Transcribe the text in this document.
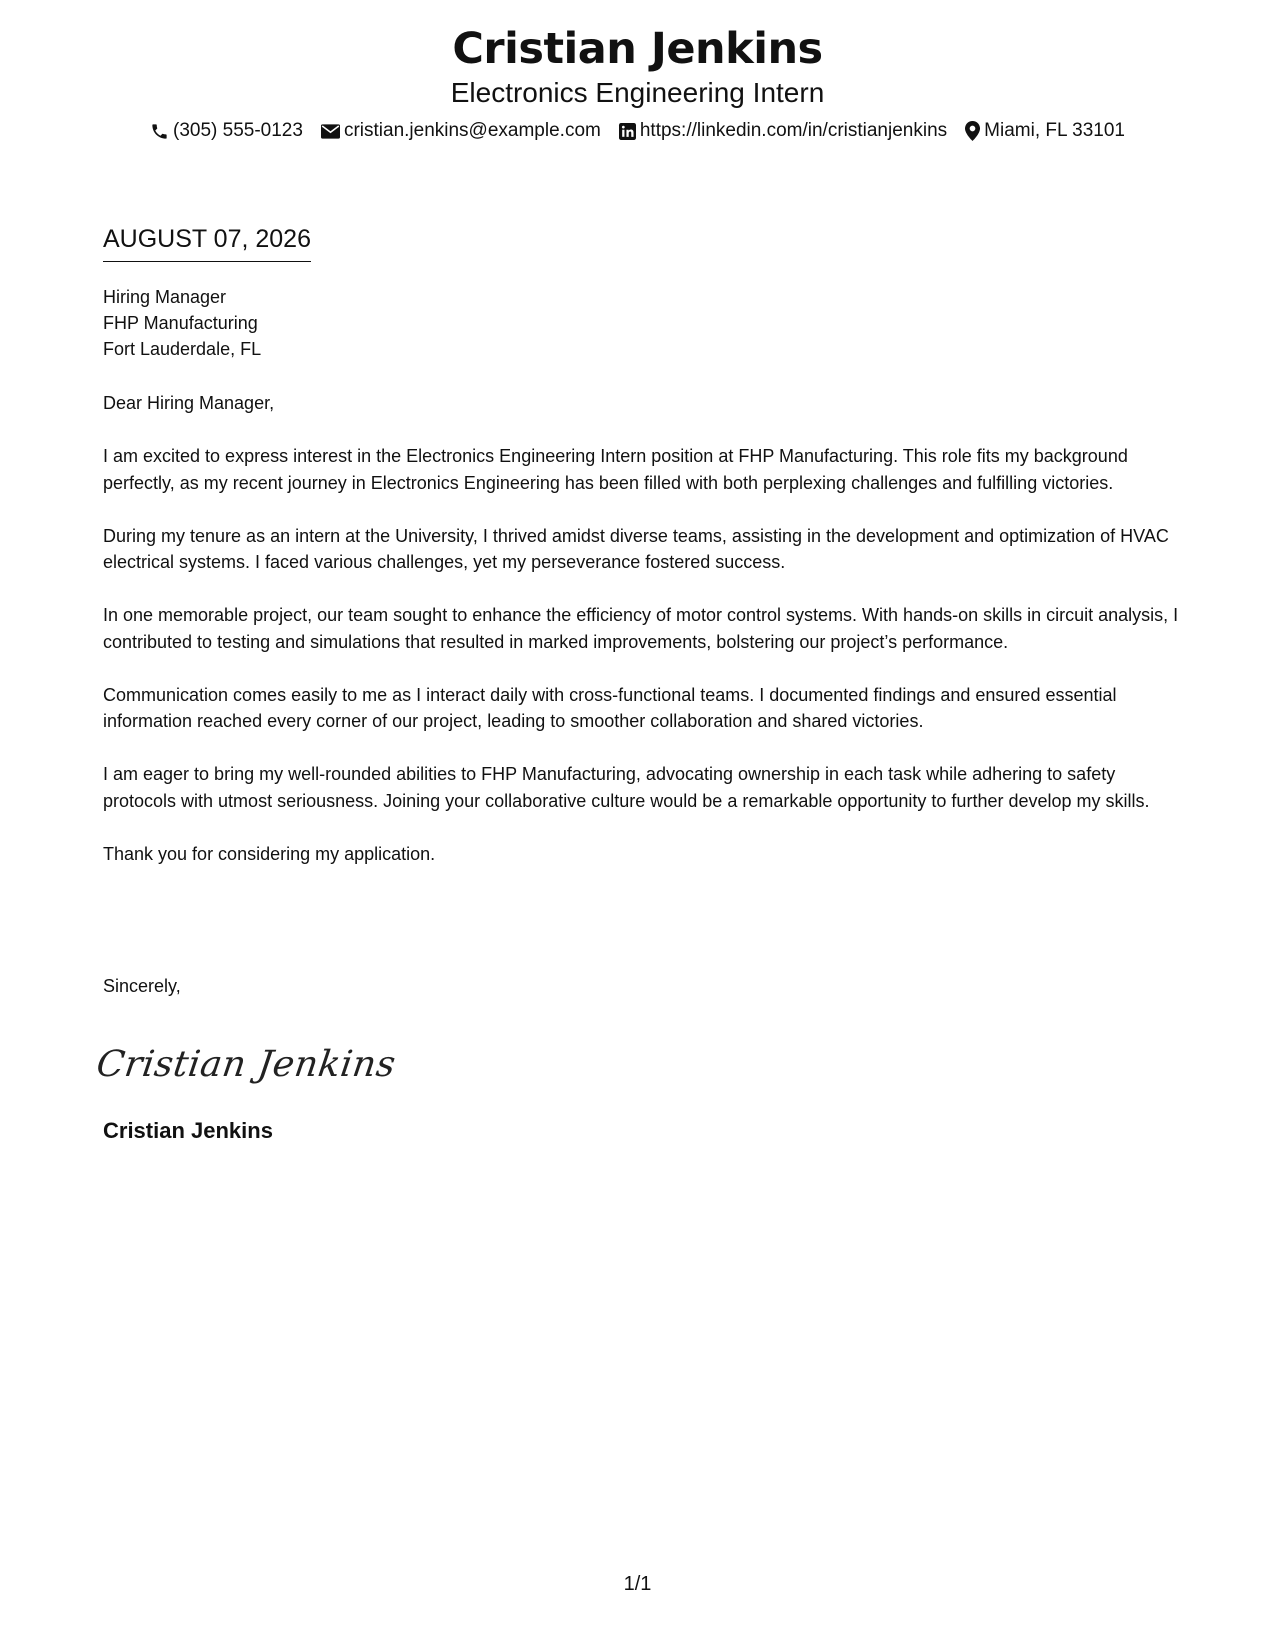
Cristian Jenkins
Electronics Engineering Intern
(305) 555-0123 cristian.jenkins@example.com https://linkedin.com/in/cristianjenkins Miami, FL 33101
AUGUST 07, 2026
Hiring Manager
FHP Manufacturing
Fort Lauderdale, FL

Dear Hiring Manager,

I am excited to express interest in the Electronics Engineering Intern position at FHP Manufacturing. This role fits my background perfectly, as my recent journey in Electronics Engineering has been filled with both perplexing challenges and fulfilling victories.

During my tenure as an intern at the University, I thrived amidst diverse teams, assisting in the development and optimization of HVAC electrical systems. I faced various challenges, yet my perseverance fostered success.

In one memorable project, our team sought to enhance the efficiency of motor control systems. With hands-on skills in circuit analysis, I contributed to testing and simulations that resulted in marked improvements, bolstering our project’s performance.

Communication comes easily to me as I interact daily with cross-functional teams. I documented findings and ensured essential information reached every corner of our project, leading to smoother collaboration and shared victories.

I am eager to bring my well-rounded abilities to FHP Manufacturing, advocating ownership in each task while adhering to safety protocols with utmost seriousness. Joining your collaborative culture would be a remarkable opportunity to further develop my skills.

Thank you for considering my application.

Sincerely,
Cristian Jenkins
Cristian Jenkins
1/1
